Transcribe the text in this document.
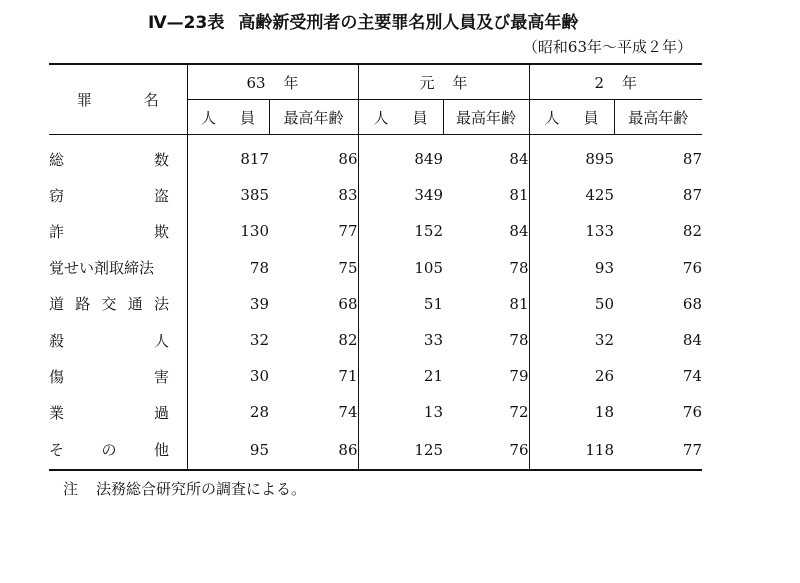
Ⅳ—23表 高齢新受刑者の主要罪名別人員及び最高年齢
（昭和63年〜平成２年）
罪 名	63 年		元 年		2 年	
	人 員	最高年齢	人 員	最高年齢	人 員	最高年齢

総 数	817	86	849	84	895	87

窃 盗	385	83	349	81	425	87

詐 欺	130	77	152	84	133	82

覚せい剤取締法	78	75	105	78	93	76

道 路 交 通 法	39	68	51	81	50	68

殺 人	32	82	33	78	32	84

傷 害	30	71	21	79	26	74

業 過	28	74	13	72	18	76

そ の 他	95	86	125	76	118	77
注 法務総合研究所の調査による。
